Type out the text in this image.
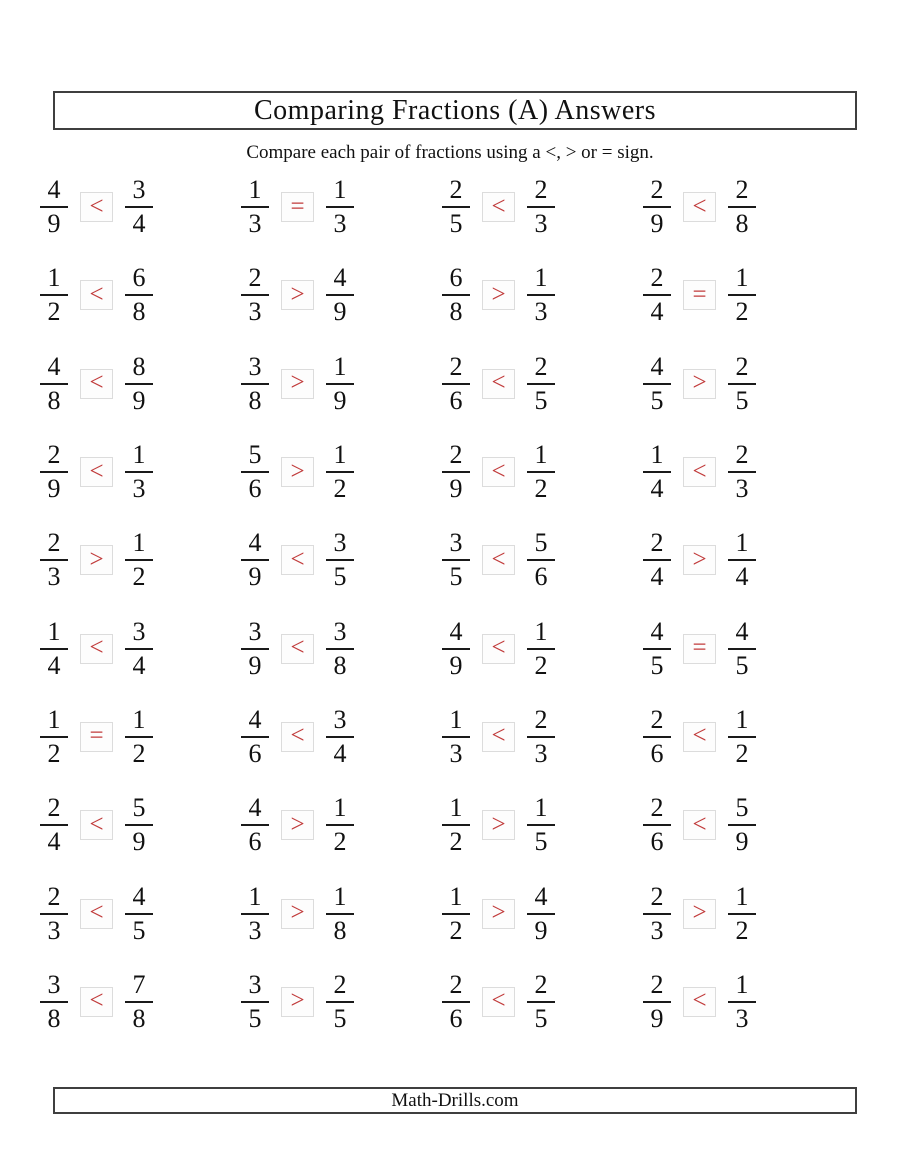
Comparing Fractions (A) Answers
Compare each pair of fractions using a <, > or = sign.
$\frac{4}{9} < \frac{3}{4}$	$\frac{1}{3} = \frac{1}{3}$	$\frac{2}{5} < \frac{2}{3}$	$\frac{2}{9} < \frac{2}{8}$
$\frac{1}{2} < \frac{6}{8}$	$\frac{2}{3} > \frac{4}{9}$	$\frac{6}{8} > \frac{1}{3}$	$\frac{2}{4} = \frac{1}{2}$
$\frac{4}{8} < \frac{8}{9}$	$\frac{3}{8} > \frac{1}{9}$	$\frac{2}{6} < \frac{2}{5}$	$\frac{4}{5} > \frac{2}{5}$
$\frac{2}{9} < \frac{1}{3}$	$\frac{5}{6} > \frac{1}{2}$	$\frac{2}{9} < \frac{1}{2}$	$\frac{1}{4} < \frac{2}{3}$
$\frac{2}{3} > \frac{1}{2}$	$\frac{4}{9} < \frac{3}{5}$	$\frac{3}{5} < \frac{5}{6}$	$\frac{2}{4} > \frac{1}{4}$
$\frac{1}{4} < \frac{3}{4}$	$\frac{3}{9} < \frac{3}{8}$	$\frac{4}{9} < \frac{1}{2}$	$\frac{4}{5} = \frac{4}{5}$
$\frac{1}{2} = \frac{1}{2}$	$\frac{4}{6} < \frac{3}{4}$	$\frac{1}{3} < \frac{2}{3}$	$\frac{2}{6} < \frac{1}{2}$
$\frac{2}{4} < \frac{5}{9}$	$\frac{4}{6} > \frac{1}{2}$	$\frac{1}{2} > \frac{1}{5}$	$\frac{2}{6} < \frac{5}{9}$
$\frac{2}{3} < \frac{4}{5}$	$\frac{1}{3} > \frac{1}{8}$	$\frac{1}{2} > \frac{4}{9}$	$\frac{2}{3} > \frac{1}{2}$
$\frac{3}{8} < \frac{7}{8}$	$\frac{3}{5} > \frac{2}{5}$	$\frac{2}{6} < \frac{2}{5}$	$\frac{2}{9} < \frac{1}{3}$
Math-Drills.com
